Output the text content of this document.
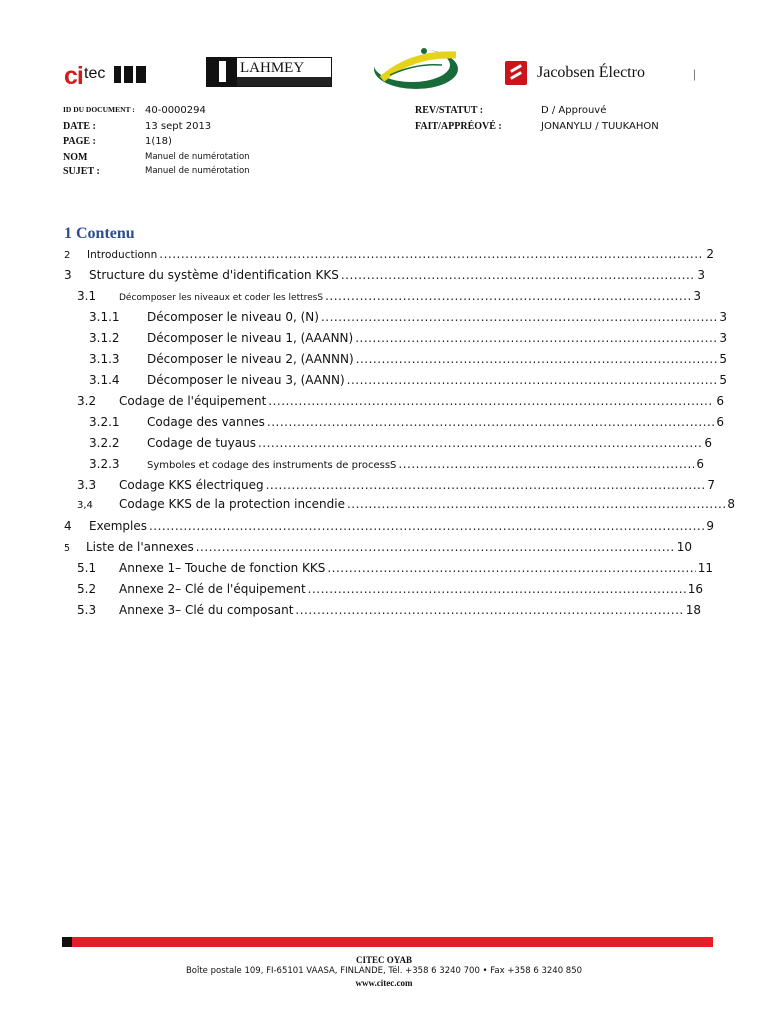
ci tec	LAHMEY	Jacobsen Électro	|
ID DU DOCUMENT : 40-0000294
DATE :	13 sept 2013
PAGE :	1(18)
NOM	Manuel de numérotation
SUJET :	Manuel de numérotation
REV/STATUT :	D / Approuvé
FAIT/APPRÉOVÉ :	JONANYLU / TUUKAHON
1 Contenu
2	Introductionn .....	2
3	Structure du système d'identification KKS .....	3
3.1	Décomposer les niveaux et coder les lettresS .....	3
3.1.1	Décomposer le niveau 0, (N) .....	3
3.1.2	Décomposer le niveau 1, (AAANN) .....	3
3.1.3	Décomposer le niveau 2, (AANNN) .....	5
3.1.4	Décomposer le niveau 3, (AANN) .....	5
3.2	Codage de l'équipement .....	6
3.2.1	Codage des vannes .....	6
3.2.2	Codage de tuyaus .....	6
3.2.3	Symboles et codage des instruments de processS .....	6
3.3	Codage KKS électriqueg .....	7
3,4	Codage KKS de la protection incendie .....	8
4	Exemples .....	9
5	Liste de l'annexes .....	10
5.1	Annexe 1– Touche de fonction KKS .....	11
5.2	Annexe 2– Clé de l'équipement .....	16
5.3	Annexe 3– Clé du composant .....	18
CITEC OYAB
Boîte postale 109, FI-65101 VAASA, FINLANDE, Tél. +358 6 3240 700 • Fax +358 6 3240 850
www.citec.com
